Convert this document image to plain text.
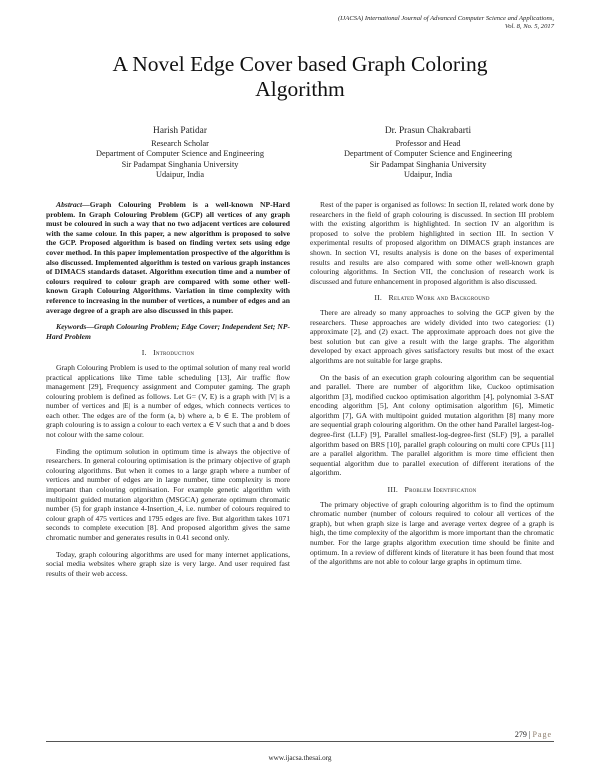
(IJACSA) International Journal of Advanced Computer Science and Applications,
Vol. 8, No. 5, 2017
A Novel Edge Cover based Graph Coloring
Algorithm
Harish Patidar
Research Scholar
Department of Computer Science and Engineering
Sir Padampat Singhania University
Udaipur, India
Dr. Prasun Chakrabarti
Professor and Head
Department of Computer Science and Engineering
Sir Padampat Singhania University
Udaipur, India

Abstract—Graph Colouring Problem is a well-known NP-Hard problem. In Graph Colouring Problem (GCP) all vertices of any graph must be coloured in such a way that no two adjacent vertices are coloured with the same colour. In this paper, a new algorithm is proposed to solve the GCP. Proposed algorithm is based on finding vertex sets using edge cover method. In this paper implementation prospective of the algorithm is also discussed. Implemented algorithm is tested on various graph instances of DIMACS standards dataset. Algorithm execution time and a number of colours required to colour graph are compared with some other well-known Graph Colouring Algorithms. Variation in time complexity with reference to increasing in the number of vertices, a number of edges and an average degree of a graph are also discussed in this paper.

Keywords—Graph Colouring Problem; Edge Cover; Independent Set; NP-Hard Problem

I. Introduction

Graph Colouring Problem is used to the optimal solution of many real world practical applications like Time table scheduling [13], Air traffic flow management [29], Frequency assignment and Computer gaming. The graph colouring problem is defined as follows. Let G= (V, E) is a graph with |V| is a number of vertices and |E| is a number of edges, which connects vertices to each other. The edges are of the form (a, b) where a, b ∈ E. The problem of graph colouring is to assign a colour to each vertex a ∈ V such that a and b does not colour with the same colour.

Finding the optimum solution in optimum time is always the objective of researchers. In general colouring optimisation is the primary objective of graph colouring algorithms. But when it comes to a large graph where a number of vertices and number of edges are in large number, time complexity is more important than colouring optimisation. For example genetic algorithm with multipoint guided mutation algorithm (MSGCA) generate optimum chromatic number (5) for graph instance 4-Insertion_4, i.e. number of colours required to colour graph of 475 vertices and 1795 edges are five. But algorithm takes 1071 seconds to complete execution [8]. And proposed algorithm gives the same chromatic number and generates results in 0.41 second only.

Today, graph colouring algorithms are used for many internet applications, social media websites where graph size is very large. And user required fast results of their web access.

Rest of the paper is organised as follows: In section II, related work done by researchers in the field of graph colouring is discussed. In section III problem with the existing algorithm is highlighted. In section IV an algorithm is proposed to solve the problem highlighted in section III. In section V experimental results of proposed algorithm on DIMACS graph instances are shown. In section VI, results analysis is done on the bases of experimental results and results are also compared with some other well-known graph colouring algorithms. In Section VII, the conclusion of research work is discussed and future enhancement in proposed algorithm is also discussed.

II. Related Work and Background

There are already so many approaches to solving the GCP given by the researchers. These approaches are widely divided into two categories: (1) approximate [2], and (2) exact. The approximate approach does not give the best solution but can give a result with the large graphs. The algorithm developed by exact approach gives satisfactory results but most of the exact algorithms are not suitable for large graphs.

On the basis of an execution graph colouring algorithm can be sequential and parallel. There are number of algorithm like, Cuckoo optimisation algorithm [3], modified cuckoo optimisation algorithm [4], polynomial 3-SAT encoding algorithm [5], Ant colony optimisation algorithm [6], Mimetic algorithm [7], GA with multipoint guided mutation algorithm [8] many more are sequential graph colouring algorithm. On the other hand Parallel largest-log-degree-first (LLF) [9], Parallel smallest-log-degree-first (SLF) [9], a parallel algorithm based on BRS [10], parallel graph colouring on multi core CPUs [11] are a parallel algorithm. The parallel algorithm is more time efficient then sequential algorithm due to parallel execution of different iterations of the algorithm.

III. Problem Identification

The primary objective of graph colouring algorithm is to find the optimum chromatic number (number of colours required to colour all vertices of the graph), but when graph size is large and average vertex degree of a graph is high, the time complexity of the algorithm is more important than the chromatic number. For the large graphs algorithm execution time should be finite and optimum. In a review of different kinds of literature it has been found that most of the algorithms are not able to colour large graphs in optimum time.

279 | Page
www.ijacsa.thesai.org
